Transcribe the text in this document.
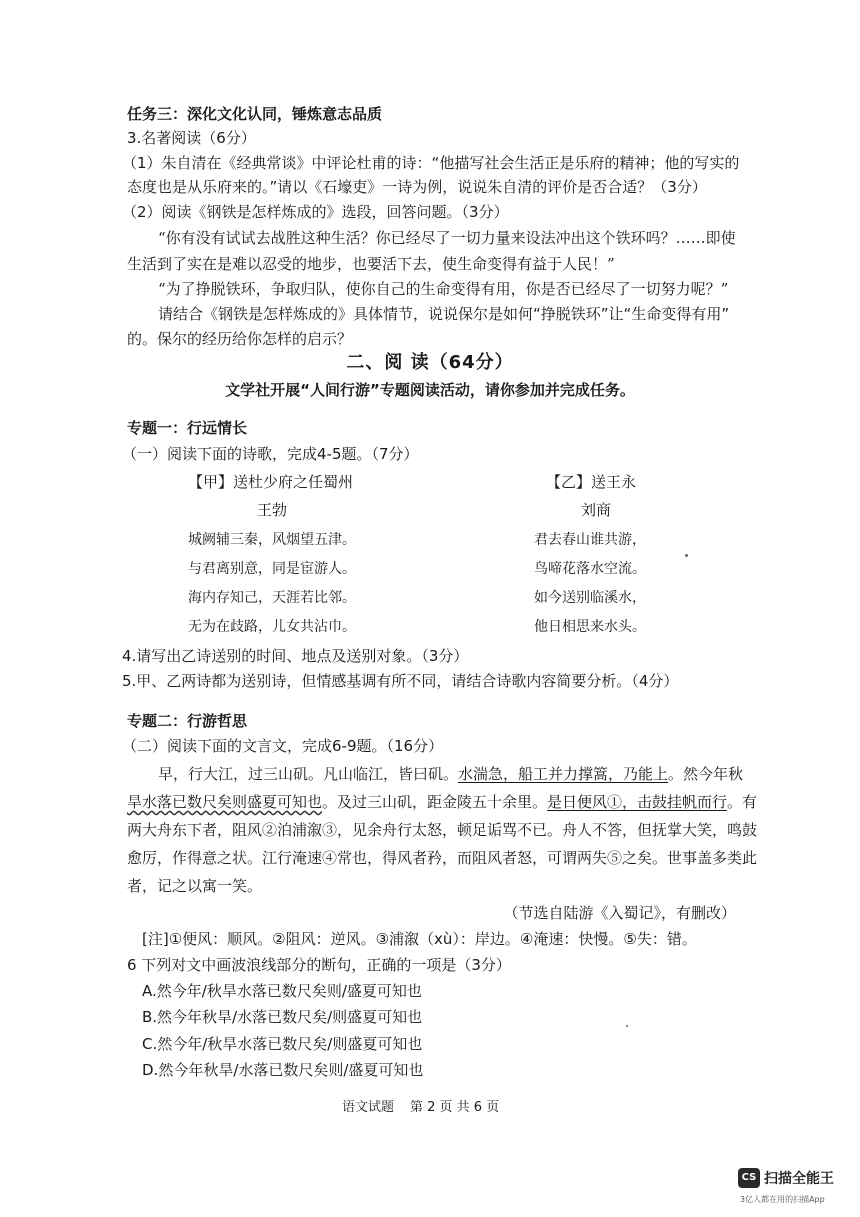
任务三：深化文化认同，锤炼意志品质
3.名著阅读（6分）
（1）朱自清在《经典常谈》中评论杜甫的诗：“他描写社会生活正是乐府的精神；他的写实的
态度也是从乐府来的。”请以《石壕吏》一诗为例，说说朱自清的评价是否合适？（3分）
（2）阅读《钢铁是怎样炼成的》选段，回答问题。（3分）
“你有没有试试去战胜这种生活？你已经尽了一切力量来设法冲出这个铁环吗？……即使
生活到了实在是难以忍受的地步，也要活下去，使生命变得有益于人民！”
“为了挣脱铁环，争取归队，使你自己的生命变得有用，你是否已经尽了一切努力呢？”
请结合《钢铁是怎样炼成的》具体情节，说说保尔是如何“挣脱铁环”让“生命变得有用”
的。保尔的经历给你怎样的启示？
二、阅 读（64分）
文学社开展“人间行游”专题阅读活动，请你参加并完成任务。
专题一：行远情长
（一）阅读下面的诗歌，完成4-5题。（7分）
【甲】送杜少府之任蜀州
王勃
城阙辅三秦，风烟望五津。
与君离别意，同是宦游人。
海内存知己，天涯若比邻。
无为在歧路，儿女共沾巾。
【乙】送王永
刘商
君去春山谁共游，
鸟啼花落水空流。
如今送别临溪水，
他日相思来水头。
4.请写出乙诗送别的时间、地点及送别对象。（3分）
5.甲、乙两诗都为送别诗，但情感基调有所不同，请结合诗歌内容简要分析。（4分）
专题二：行游哲思
（二）阅读下面的文言文，完成6-9题。（16分）
早，行大江，过三山矶。凡山临江，皆曰矶。水湍急，船工并力撑篙，乃能上。然今年秋
旱水落已数尺矣则盛夏可知也。及过三山矶，距金陵五十余里。是日便风①，击鼓挂帆而行。有
两大舟东下者，阻风②泊浦溆③，见余舟行太怒，顿足诟骂不已。舟人不答，但抚掌大笑，鸣鼓
愈厉，作得意之状。江行淹速④常也，得风者矜，而阻风者怒，可谓两失⑤之矣。世事盖多类此
者，记之以寓一笑。
（节选自陆游《入蜀记》，有删改）
[注]①便风：顺风。②阻风：逆风。③浦溆（xù）：岸边。④淹速：快慢。⑤失：错。
6 下列对文中画波浪线部分的断句，正确的一项是（3分）
A.然今年/秋旱水落已数尺矣则/盛夏可知也
B.然今年秋旱/水落已数尺矣/则盛夏可知也
C.然今年/秋旱水落已数尺矣/则盛夏可知也
D.然今年秋旱/水落已数尺矣则/盛夏可知也
语文试题 第 2 页 共 6 页
CS 扫描全能王
3亿人都在用的扫描App
